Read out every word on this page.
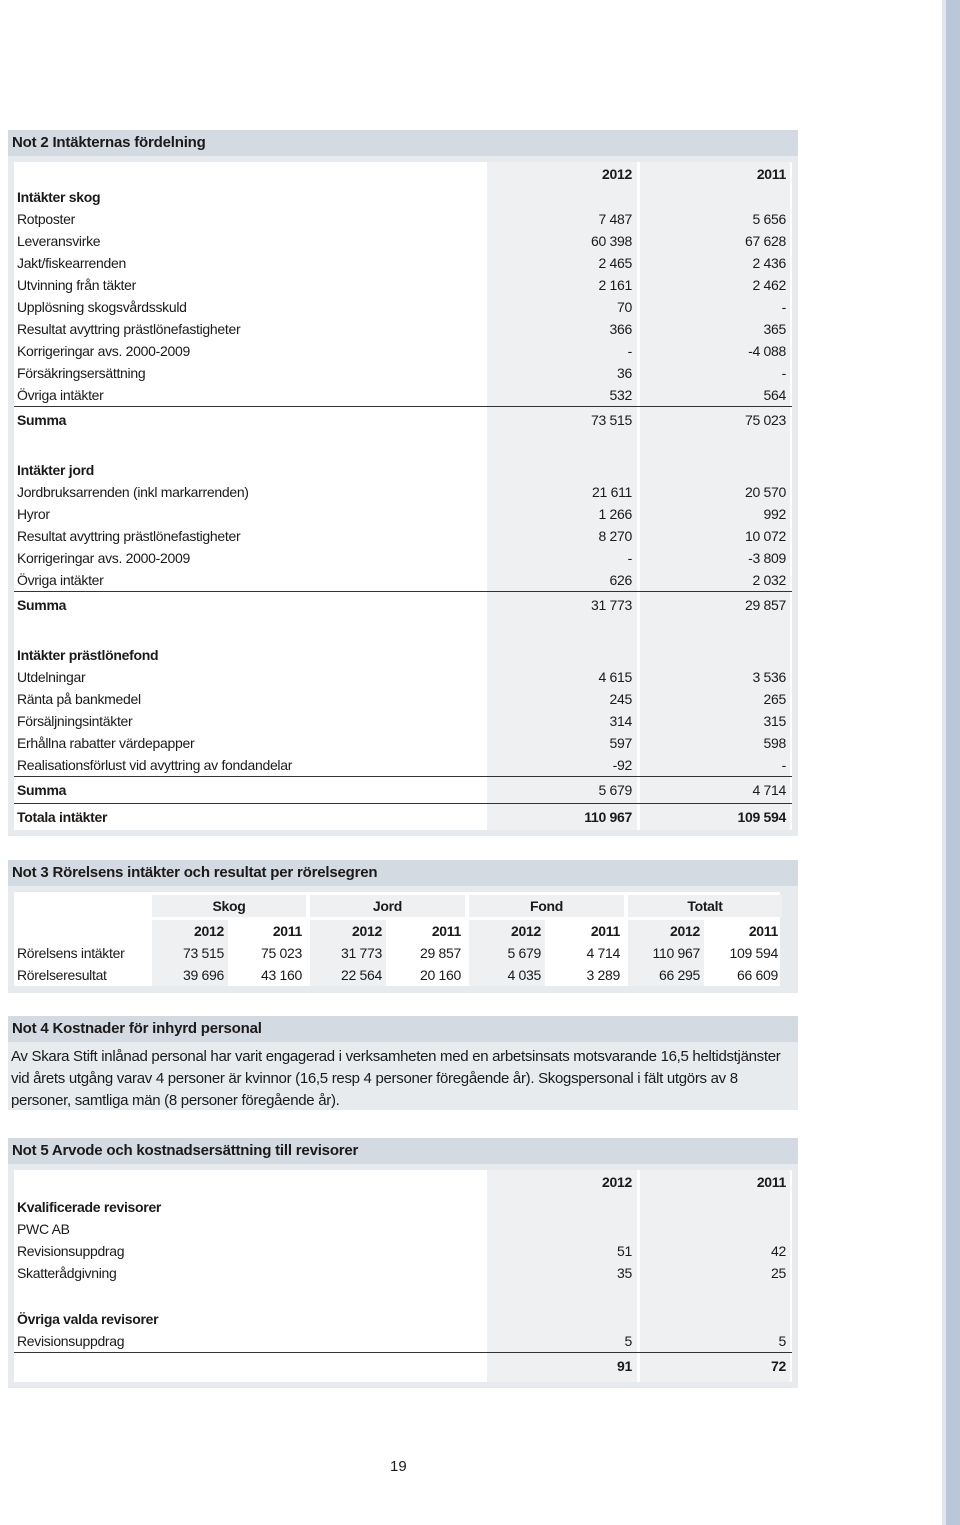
Not 2 Intäkternas fördelning
2012	2011
Intäkter skog
Rotposter	7 487	5 656
Leveransvirke	60 398	67 628
Jakt/fiskearrenden	2 465	2 436
Utvinning från täkter	2 161	2 462
Upplösning skogsvårdsskuld	70	-
Resultat avyttring prästlönefastigheter	366	365
Korrigeringar avs. 2000-2009	-	-4 088
Försäkringsersättning	36	-
Övriga intäkter	532	564
Summa	73 515	75 023
Intäkter jord
Jordbruksarrenden (inkl markarrenden)	21 611	20 570
Hyror	1 266	992
Resultat avyttring prästlönefastigheter	8 270	10 072
Korrigeringar avs. 2000-2009	-	-3 809
Övriga intäkter	626	2 032
Summa	31 773	29 857
Intäkter prästlönefond
Utdelningar	4 615	3 536
Ränta på bankmedel	245	265
Försäljningsintäkter	314	315
Erhållna rabatter värdepapper	597	598
Realisationsförlust vid avyttring av fondandelar	-92	-
Summa	5 679	4 714
Totala intäkter	110 967	109 594
Not 3 Rörelsens intäkter och resultat per rörelsegren
Skog	Jord	Fond	Totalt
2012	2011	2012	2011	2012	2011	2012	2011
Rörelsens intäkter	73 515	75 023	31 773	29 857	5 679	4 714	110 967	109 594
Rörelseresultat	39 696	43 160	22 564	20 160	4 035	3 289	66 295	66 609
Not 4 Kostnader för inhyrd personal
Av Skara Stift inlånad personal har varit engagerad i verksamheten med en arbetsinsats motsvarande 16,5 heltidstjänster
vid årets utgång varav 4 personer är kvinnor (16,5 resp 4 personer föregående år). Skogspersonal i fält utgörs av 8
personer, samtliga män (8 personer föregående år).
Not 5 Arvode och kostnadsersättning till revisorer
2012	2011
Kvalificerade revisorer
PWC AB
Revisionsuppdrag	51	42
Skatterådgivning	35	25
Övriga valda revisorer
Revisionsuppdrag	5	5
91	72
19
